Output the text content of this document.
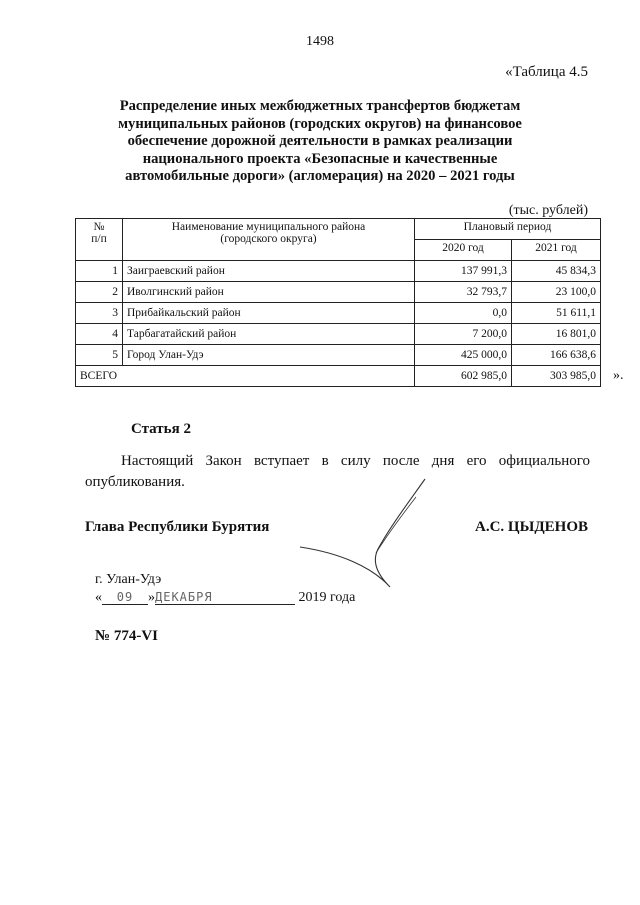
1498
«Таблица 4.5
Распределение иных межбюджетных трансфертов бюджетам
муниципальных районов (городских округов) на финансовое
обеспечение дорожной деятельности в рамках реализации
национального проекта «Безопасные и качественные
автомобильные дороги» (агломерация) на 2020 – 2021 годы
(тыс. рублей)
№
п/п	Наименование муниципального района
(городского округа)	Плановый период	
		2020 год	2021 год
1	Заиграевский район	137 991,3	45 834,3
2	Иволгинский район	32 793,7	23 100,0
3	Прибайкальский район	0,0	51 611,1
4	Тарбагатайский район	7 200,0	16 801,0
5	Город Улан-Удэ	425 000,0	166 638,6
ВСЕГО		602 985,0	303 985,0 ».
Статья 2
Настоящий Закон вступает в силу после дня его официального опубликования.
Глава Республики Бурятия	А.С. ЦЫДЕНОВ
г. Улан-Удэ
« 09 »ДЕКАБРЯ	2019 года
№ 774-VI
